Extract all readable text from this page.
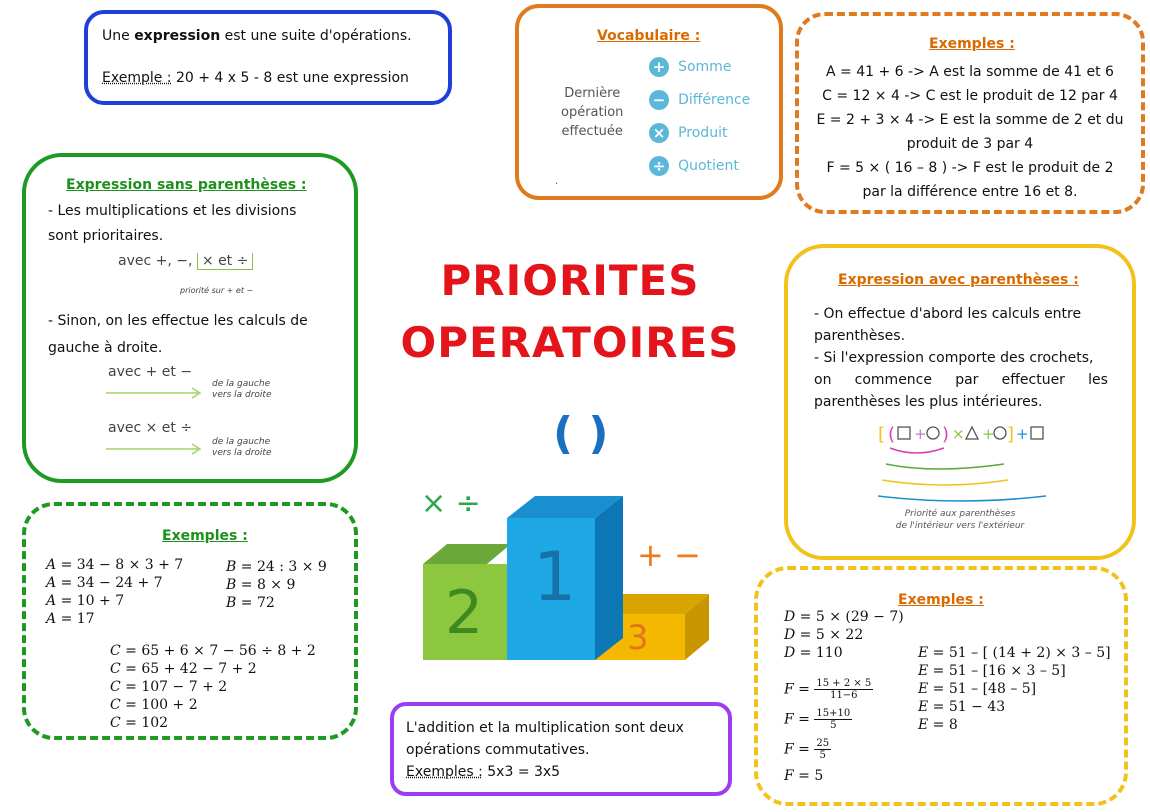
Une expression est une suite d'opérations.
Exemple : 20 + 4 x 5 - 8 est une expression
Vocabulaire :
Dernière
opération
effectuée
+ Somme
− Différence
× Produit
÷ Quotient
.
Exemples :
A = 41 + 6 -> A est la somme de 41 et 6
C = 12 × 4 -> C est le produit de 12 par 4
E = 2 + 3 × 4 -> E est la somme de 2 et du
produit de 3 par 4
F = 5 × ( 16 – 8 ) -> F est le produit de 2
par la différence entre 16 et 8.
Expression sans parenthèses :
- Les multiplications et les divisions
sont prioritaires.
avec +, −, × et ÷
priorité sur + et −
- Sinon, on les effectue les calculs de
gauche à droite.
avec + et −
de la gauche
vers la droite
avec × et ÷
de la gauche
vers la droite
PRIORITES
OPERATOIRES
( )
2 1
3
× ÷
+ −
Expression avec parenthèses :
- On effectue d'abord les calculs entre
parenthèses.
- Si l'expression comporte des crochets,
on commence par effectuer les
parenthèses les plus intérieures.
[ ( + ) × + ] +
Priorité aux parenthèses
de l'intérieur vers l'extérieur
Exemples :
A = 34 − 8 × 3 + 7
A = 34 − 24 + 7
A = 10 + 7
A = 17
B = 24 : 3 × 9
B = 8 × 9
B = 72
C = 65 + 6 × 7 − 56 ÷ 8 + 2
C = 65 + 42 − 7 + 2
C = 107 − 7 + 2
C = 100 + 2
C = 102	L'addition et la multiplication sont deux
opérations commutatives.
Exemples : 5x3 = 3x5
Exemples :
D = 5 × (29 − 7)
D = 5 × 22
D = 110	E = 51 – [ (14 + 2) × 3 – 5]
E = 51 – [16 × 3 – 5]
E = 51 – [48 – 5]
E = 51 − 43
E = 8
$F = \frac{15 + 2 \times 5}{11-6}$
$F = \frac{15+10}{5}$
$F = \frac{25}{5}$
F = 5
